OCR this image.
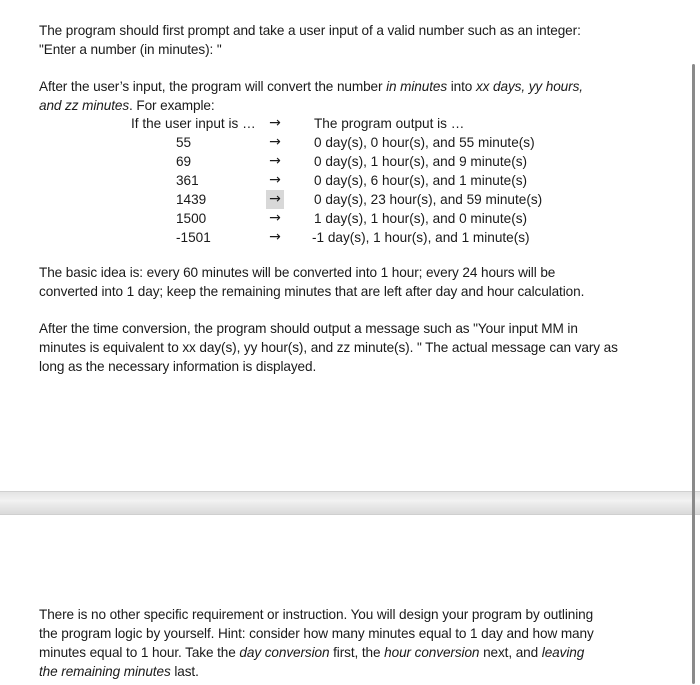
The program should first prompt and take a user input of a valid number such as an integer:
"Enter a number (in minutes): "
After the user’s input, the program will convert the number in minutes into xx days, yy hours,
and zz minutes. For example:
If the user input is … → The program output is …
55	→ 0 day(s), 0 hour(s), and 55 minute(s)
69	→ 0 day(s), 1 hour(s), and 9 minute(s)
361	→ 0 day(s), 6 hour(s), and 1 minute(s)
1439	→ 0 day(s), 23 hour(s), and 59 minute(s)
1500	→ 1 day(s), 1 hour(s), and 0 minute(s)
-1501	→ -1 day(s), 1 hour(s), and 1 minute(s)
The basic idea is: every 60 minutes will be converted into 1 hour; every 24 hours will be
converted into 1 day; keep the remaining minutes that are left after day and hour calculation.
After the time conversion, the program should output a message such as "Your input MM in
minutes is equivalent to xx day(s), yy hour(s), and zz minute(s). " The actual message can vary as
long as the necessary information is displayed.
There is no other specific requirement or instruction. You will design your program by outlining
the program logic by yourself. Hint: consider how many minutes equal to 1 day and how many
minutes equal to 1 hour. Take the day conversion first, the hour conversion next, and leaving
the remaining minutes last.
